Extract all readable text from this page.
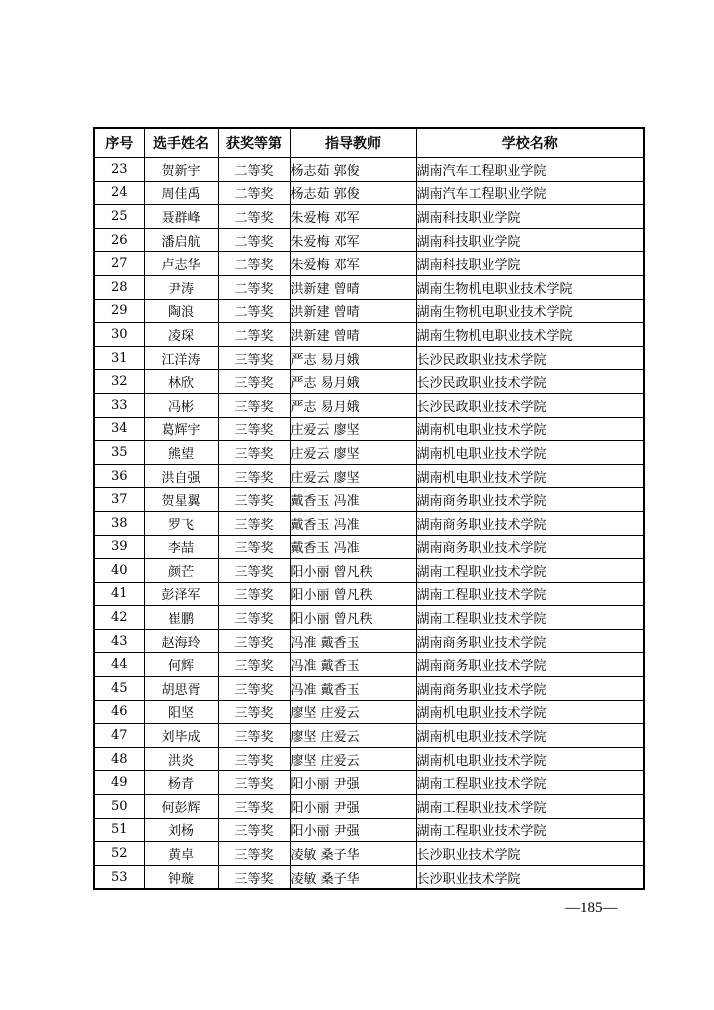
序号	选手姓名	获奖等第	指导教师	学校名称
23	贺新宇	二等奖	杨志茹 郭俊	湖南汽车工程职业学院
24	周佳禹	二等奖	杨志茹 郭俊	湖南汽车工程职业学院
25	聂群峰	二等奖	朱爱梅 邓军	湖南科技职业学院
26	潘启航	二等奖	朱爱梅 邓军	湖南科技职业学院
27	卢志华	二等奖	朱爱梅 邓军	湖南科技职业学院
28	尹涛	二等奖	洪新建 曾晴	湖南生物机电职业技术学院
29	陶浪	二等奖	洪新建 曾晴	湖南生物机电职业技术学院
30	凌琛	二等奖	洪新建 曾晴	湖南生物机电职业技术学院
31	江洋涛	三等奖	严志 易月娥	长沙民政职业技术学院
32	林欣	三等奖	严志 易月娥	长沙民政职业技术学院
33	冯彬	三等奖	严志 易月娥	长沙民政职业技术学院
34	葛辉宇	三等奖	庄爱云 廖坚	湖南机电职业技术学院
35	熊望	三等奖	庄爱云 廖坚	湖南机电职业技术学院
36	洪自强	三等奖	庄爱云 廖坚	湖南机电职业技术学院
37	贺星翼	三等奖	戴香玉 冯准	湖南商务职业技术学院
38	罗飞	三等奖	戴香玉 冯准	湖南商务职业技术学院
39	李喆	三等奖	戴香玉 冯准	湖南商务职业技术学院
40	颜芒	三等奖	阳小丽 曾凡秩	湖南工程职业技术学院
41	彭泽军	三等奖	阳小丽 曾凡秩	湖南工程职业技术学院
42	崔鹏	三等奖	阳小丽 曾凡秩	湖南工程职业技术学院
43	赵海玲	三等奖	冯准 戴香玉	湖南商务职业技术学院
44	何辉	三等奖	冯准 戴香玉	湖南商务职业技术学院
45	胡思胥	三等奖	冯准 戴香玉	湖南商务职业技术学院
46	阳坚	三等奖	廖坚 庄爱云	湖南机电职业技术学院
47	刘毕成	三等奖	廖坚 庄爱云	湖南机电职业技术学院
48	洪炎	三等奖	廖坚 庄爱云	湖南机电职业技术学院
49	杨青	三等奖	阳小丽 尹强	湖南工程职业技术学院
50	何彭辉	三等奖	阳小丽 尹强	湖南工程职业技术学院
51	刘杨	三等奖	阳小丽 尹强	湖南工程职业技术学院
52	黄卓	三等奖	凌敏 桑子华	长沙职业技术学院
53	钟璇	三等奖	凌敏 桑子华	长沙职业技术学院
—185—
